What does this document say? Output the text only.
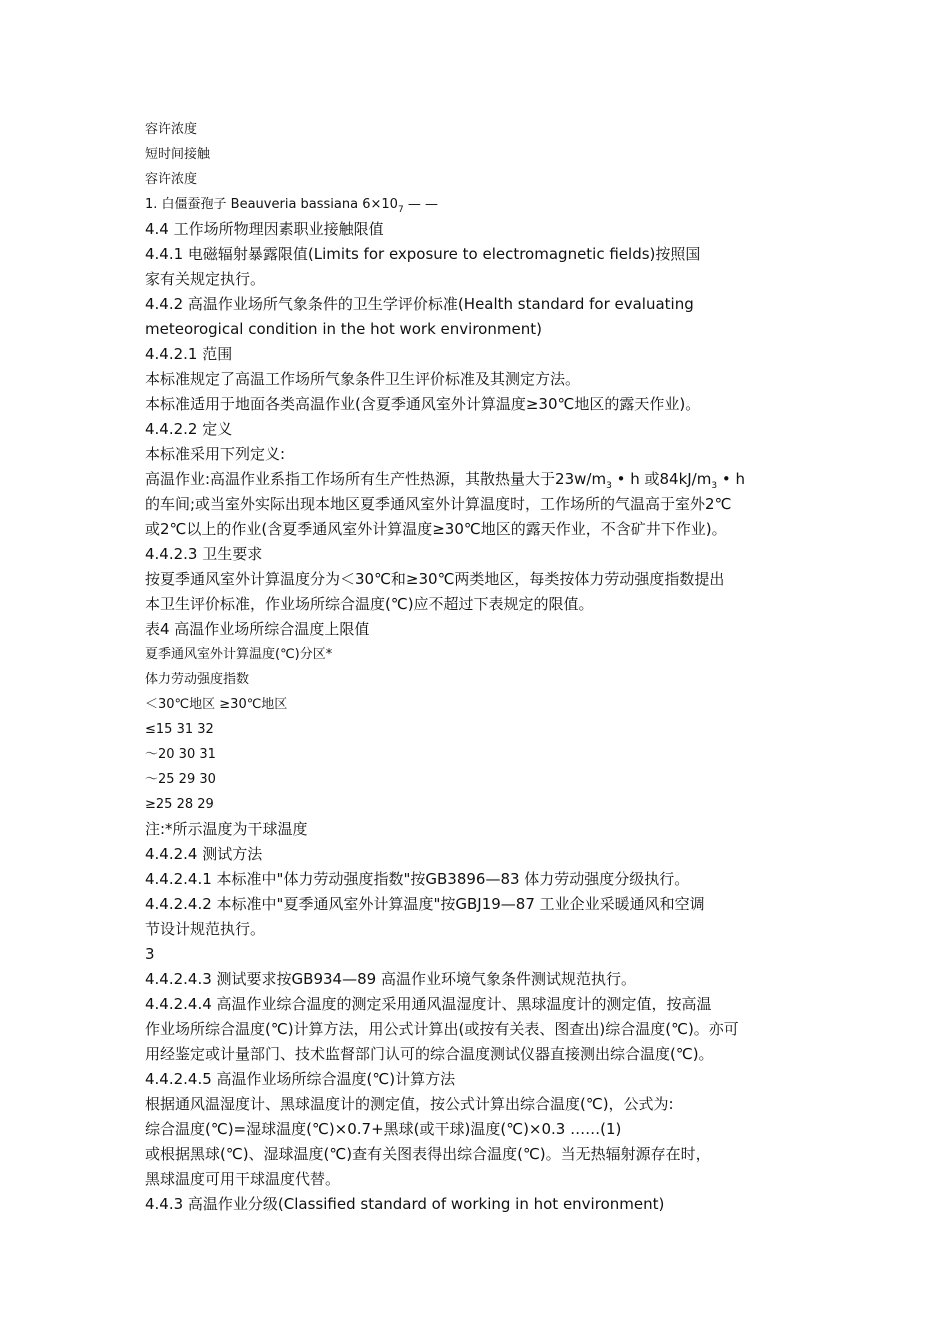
容许浓度
短时间接触
容许浓度
1. 白僵蚕孢子 Beauveria bassiana $6\times 10_7$ — —
4.4 工作场所物理因素职业接触限值
4.4.1 电磁辐射暴露限值(Limits for exposure to electromagnetic fields)按照国
家有关规定执行。
4.4.2 高温作业场所气象条件的卫生学评价标准(Health standard for evaluating
meteorogical condition in the hot work environment)
4.4.2.1 范围
本标准规定了高温工作场所气象条件卫生评价标准及其测定方法。
本标准适用于地面各类高温作业(含夏季通风室外计算温度≥30℃地区的露天作业)。
4.4.2.2 定义
本标准采用下列定义:
高温作业:高温作业系指工作场所有生产性热源，其散热量大于$23w/m_3$ • h 或$84kJ/m_3$ • h
的车间;或当室外实际出现本地区夏季通风室外计算温度时，工作场所的气温高于室外2℃
或2℃以上的作业(含夏季通风室外计算温度≥30℃地区的露天作业，不含矿井下作业)。
4.4.2.3 卫生要求
按夏季通风室外计算温度分为＜30℃和≥30℃两类地区，每类按体力劳动强度指数提出
本卫生评价标准，作业场所综合温度(℃)应不超过下表规定的限值。
表4 高温作业场所综合温度上限值
夏季通风室外计算温度(℃)分区*
体力劳动强度指数
＜30℃地区 ≥30℃地区
≤15 31 32
～20 30 31
～25 29 30
≥25 28 29
注:*所示温度为干球温度
4.4.2.4 测试方法
4.4.2.4.1 本标准中"体力劳动强度指数"按GB3896—83 体力劳动强度分级执行。
4.4.2.4.2 本标准中"夏季通风室外计算温度"按GBJ19—87 工业企业采暖通风和空调
节设计规范执行。
3
4.4.2.4.3 测试要求按GB934—89 高温作业环境气象条件测试规范执行。
4.4.2.4.4 高温作业综合温度的测定采用通风温湿度计、黑球温度计的测定值，按高温
作业场所综合温度(℃)计算方法，用公式计算出(或按有关表、图查出)综合温度(℃)。亦可
用经鉴定或计量部门、技术监督部门认可的综合温度测试仪器直接测出综合温度(℃)。
4.4.2.4.5 高温作业场所综合温度(℃)计算方法
根据通风温湿度计、黑球温度计的测定值，按公式计算出综合温度(℃)，公式为:
综合温度(℃)=湿球温度(℃)×0.7+黑球(或干球)温度(℃)×0.3 ……(1)
或根据黑球(℃)、湿球温度(℃)查有关图表得出综合温度(℃)。当无热辐射源存在时，
黑球温度可用干球温度代替。
4.4.3 高温作业分级(Classified standard of working in hot environment)
